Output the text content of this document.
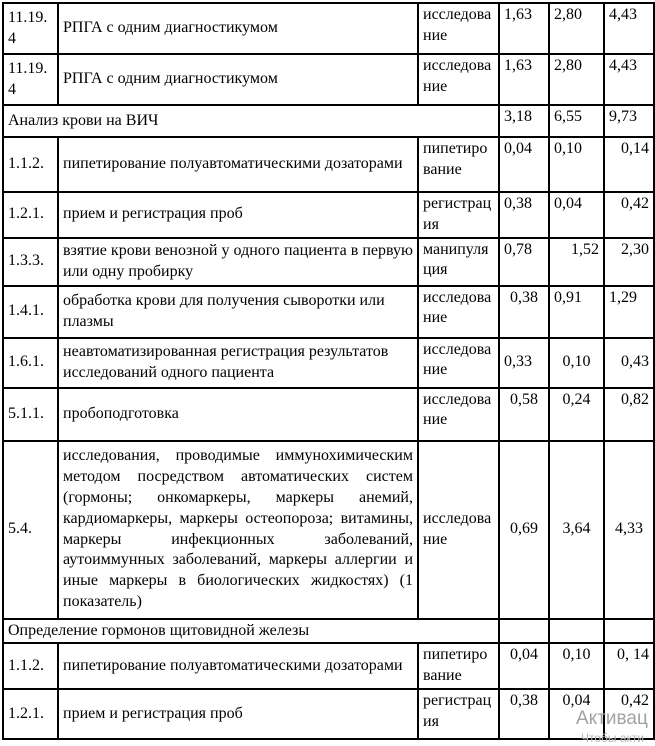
11.19.4	РПГА с одним диагностикумом	исследование	1,63	2,80	4,43
11.19.4	РПГА с одним диагностикумом	исследование	1,63	2,80	4,43
Анализ крови на ВИЧ			3,18	6,55	9,73
1.1.2.	пипетирование полуавтоматическими дозаторами	пипетирование	0,04	0,10	0,14
1.2.1.	прием и регистрация проб	регистрация	0,38	0,04	0,42
1.3.3.	взятие крови венозной у одного пациента в первую или одну пробирку	манипуляция	0,78	1,52	2,30
1.4.1.	обработка крови для получения сыворотки или плазмы	исследование	0,38	0,91	1,29
1.6.1.	неавтоматизированная регистрация результатов исследований одного пациента	исследование	0,33	0,10	0,43
5.1.1.	пробоподготовка	исследование	0,58	0,24	0,82
5.4.	исследования, проводимые иммунохимическим методом посредством автоматических систем (гормоны; онкомаркеры, маркеры анемий, кардиомаркеры, маркеры остеопороза; витамины, маркеры инфекционных заболеваний, аутоиммунных заболеваний, маркеры аллергии и иные маркеры в биологических жидкостях) (1 показатель)	исследование	0,69	3,64	4,33
Определение гормонов щитовидной железы					
1.1.2.	пипетирование полуавтоматическими дозаторами	пипетирование	0,04	0,10	0, 14
1.2.1.	прием и регистрация проб	регистрация	0,38	0,04	0,42
Активац
Чтобы акти
